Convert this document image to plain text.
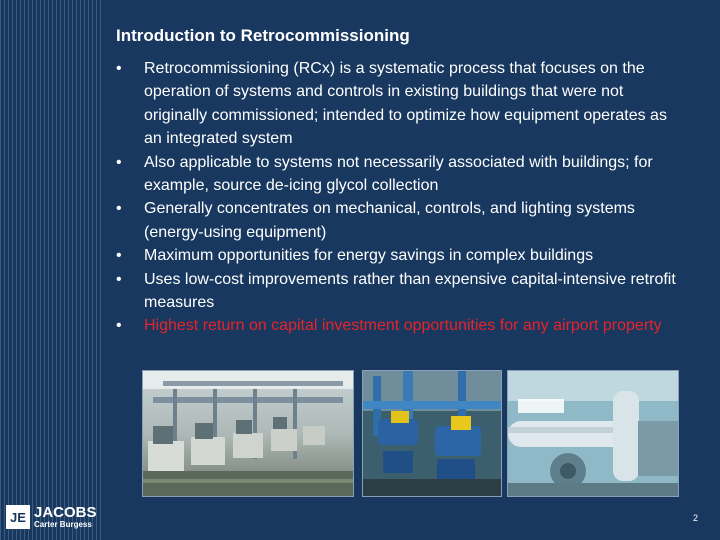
Introduction to Retrocommissioning
• Retrocommissioning (RCx) is a systematic process that focuses on the operation of systems and controls in existing buildings that were not originally commissioned; intended to optimize how equipment operates as an integrated system
• Also applicable to systems not necessarily associated with buildings; for example, source de-icing glycol collection
• Generally concentrates on mechanical, controls, and lighting systems (energy-using equipment)
• Maximum opportunities for energy savings in complex buildings
• Uses low-cost improvements rather than expensive capital-intensive retrofit measures
• Highest return on capital investment opportunities for any airport property
JE JACOBS
Carter Burgess
2
